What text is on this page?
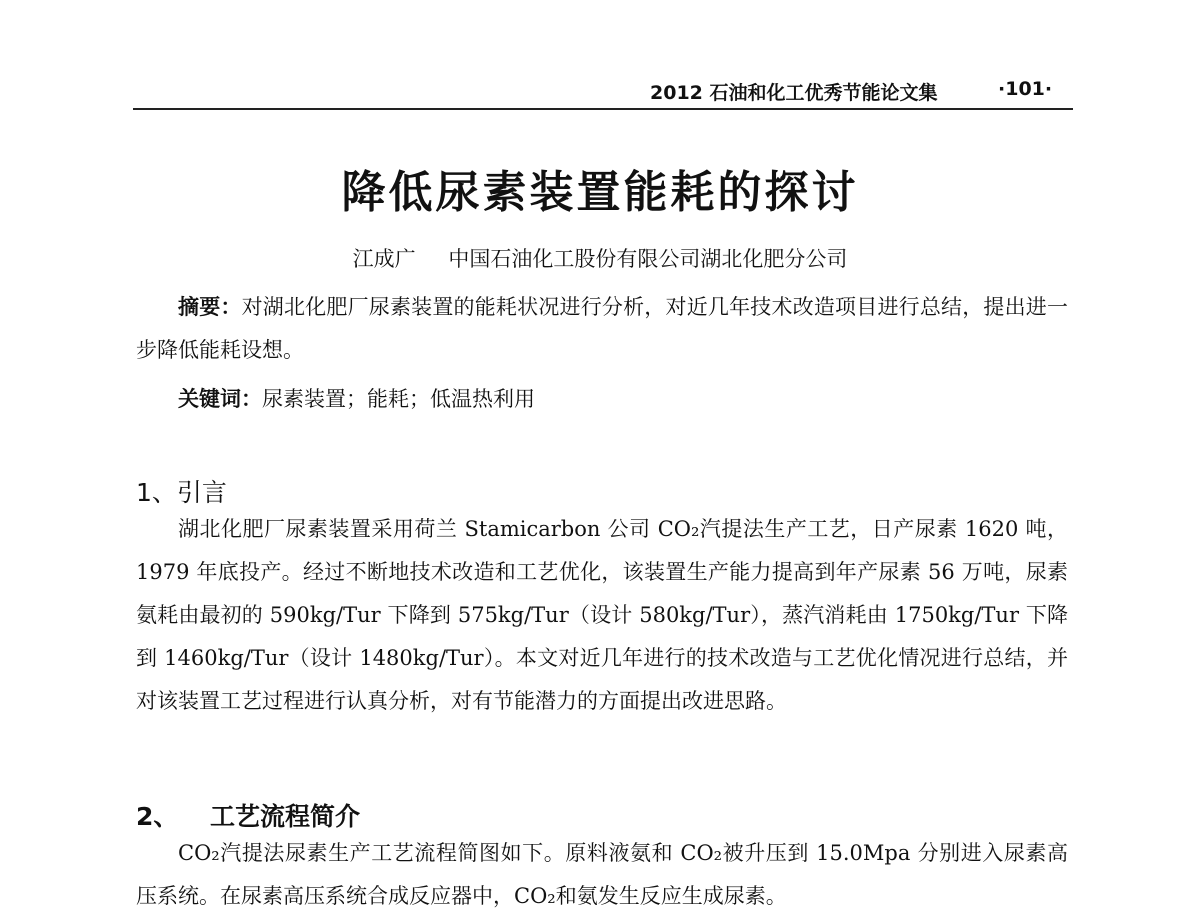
2012 石油和化工优秀节能论文集	·101·
降低尿素装置能耗的探讨
江成广 中国石油化工股份有限公司湖北化肥分公司

摘要：对湖北化肥厂尿素装置的能耗状况进行分析，对近几年技术改造项目进行总结，提出进一步降低能耗设想。

关键词：尿素装置；能耗；低温热利用

1、引言

湖北化肥厂尿素装置采用荷兰 Stamicarbon 公司 CO₂汽提法生产工艺，日产尿素 1620 吨，1979 年底投产。经过不断地技术改造和工艺优化，该装置生产能力提高到年产尿素 56 万吨，尿素氨耗由最初的 590kg/Tur 下降到 575kg/Tur（设计 580kg/Tur），蒸汽消耗由 1750kg/Tur 下降到 1460kg/Tur（设计 1480kg/Tur）。本文对近几年进行的技术改造与工艺优化情况进行总结，并对该装置工艺过程进行认真分析，对有节能潜力的方面提出改进思路。

2、 工艺流程简介

CO₂汽提法尿素生产工艺流程简图如下。原料液氨和 CO₂被升压到 15.0Mpa 分别进入尿素高压系统。在尿素高压系统合成反应器中，CO₂和氨发生反应生成尿素。
